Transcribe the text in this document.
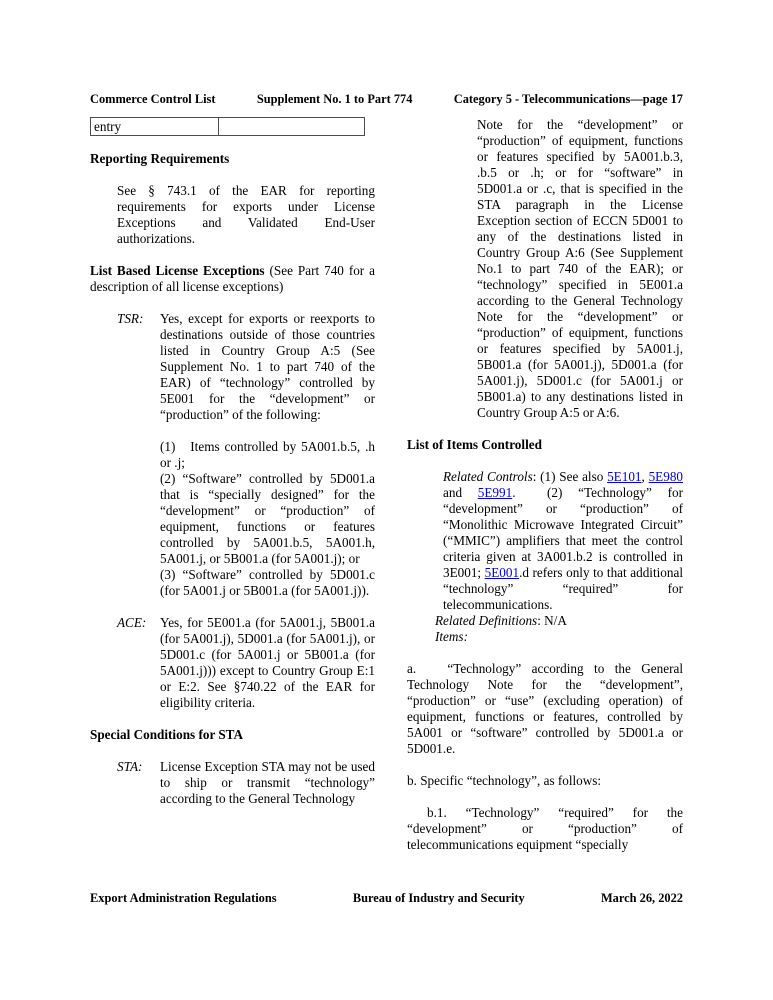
Commerce Control List	Supplement No. 1 to Part 774	Category 5 - Telecommunications—page 17
entry
Reporting Requirements
See § 743.1 of the EAR for reporting requirements for exports under License Exceptions and Validated End-User authorizations.
List Based License Exceptions (See Part 740 for a description of all license exceptions)
TSR: Yes, except for exports or reexports to destinations outside of those countries listed in Country Group A:5 (See Supplement No. 1 to part 740 of the EAR) of “technology” controlled by 5E001 for the “development” or “production” of the following:
(1)   Items controlled by 5A001.b.5, .h or .j;
(2) “Software” controlled by 5D001.a that is “specially designed” for the “development” or “production” of equipment, functions or features controlled by 5A001.b.5, 5A001.h, 5A001.j, or 5B001.a (for 5A001.j); or
(3) “Software” controlled by 5D001.c (for 5A001.j or 5B001.a (for 5A001.j)).
ACE: Yes, for 5E001.a (for 5A001.j, 5B001.a (for 5A001.j), 5D001.a (for 5A001.j), or 5D001.c (for 5A001.j or 5B001.a (for 5A001.j))) except to Country Group E:1 or E:2. See §740.22 of the EAR for eligibility criteria.
Special Conditions for STA
STA: License Exception STA may not be used to ship or transmit “technology” according to the General Technology
Note for the “development” or “production” of equipment, functions or features specified by 5A001.b.3, .b.5 or .h; or for “software” in 5D001.a or .c, that is specified in the STA paragraph in the License Exception section of ECCN 5D001 to any of the destinations listed in Country Group A:6 (See Supplement No.1 to part 740 of the EAR); or “technology” specified in 5E001.a according to the General Technology Note for the “development” or “production” of equipment, functions or features specified by 5A001.j, 5B001.a (for 5A001.j), 5D001.a (for 5A001.j), 5D001.c (for 5A001.j or 5B001.a) to any destinations listed in Country Group A:5 or A:6.
List of Items Controlled
Related Controls: (1) See also 5E101, 5E980 and 5E991.  (2) “Technology” for “development” or “production” of “Monolithic Microwave Integrated Circuit” (“MMIC”) amplifiers that meet the control criteria given at 3A001.b.2 is controlled in 3E001; 5E001.d refers only to that additional “technology” “required” for telecommunications.
Related Definitions: N/A
Items:
a.   “Technology” according to the General Technology Note for the “development”, “production” or “use” (excluding operation) of equipment, functions or features, controlled by 5A001 or “software” controlled by 5D001.a or 5D001.e.
b. Specific “technology”, as follows:
b.1. “Technology” “required” for the “development” or “production” of telecommunications equipment “specially
Export Administration Regulations	Bureau of Industry and Security	March 26, 2022
